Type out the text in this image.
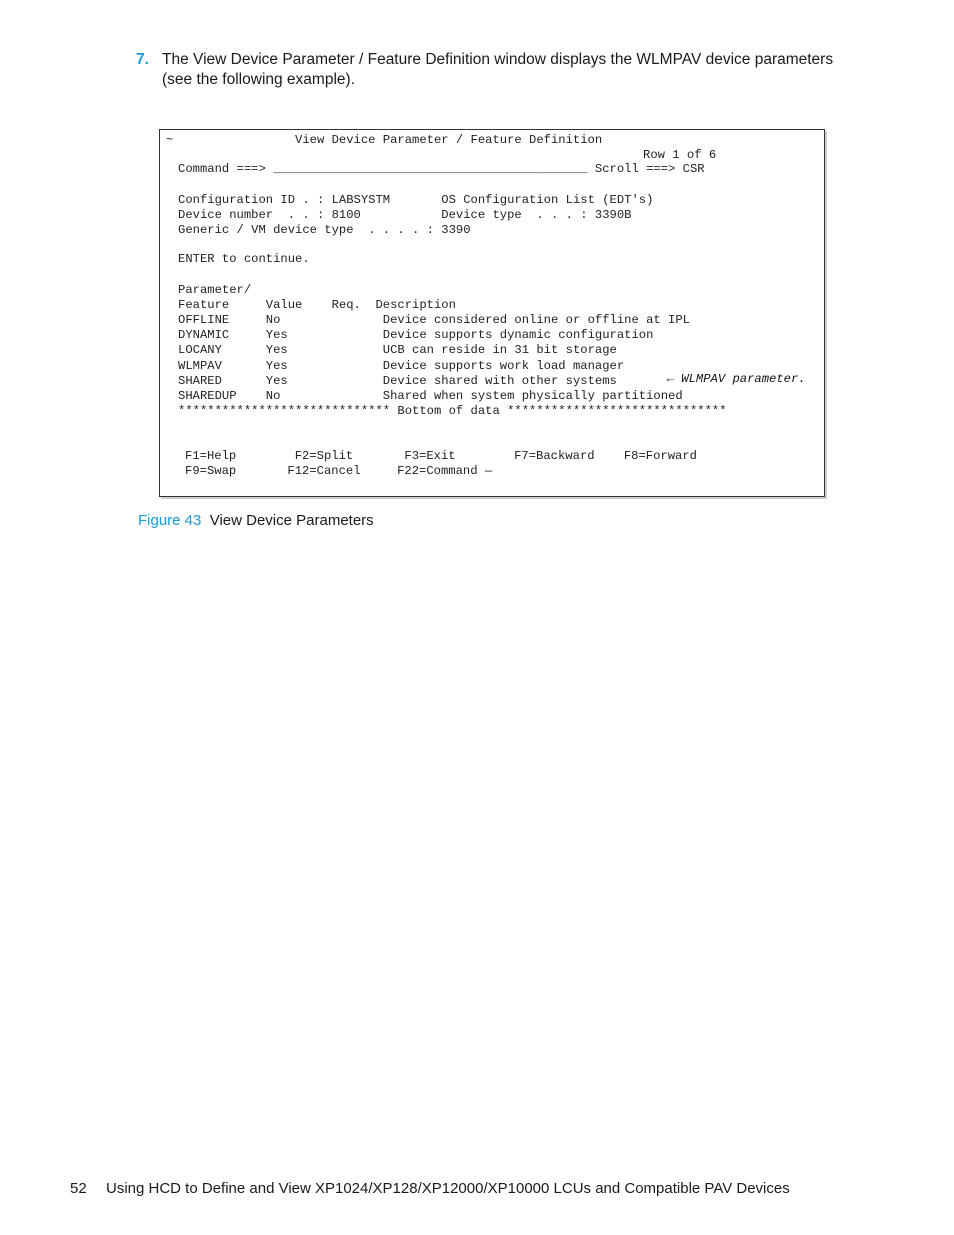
7. The View Device Parameter / Feature Definition window displays the WLMPAV device parameters (see the following example).
~	View Device Parameter / Feature Definition
Row 1 of 6
Command ===> ___________________________________________ Scroll ===> CSR
Configuration ID . : LABSYSTM       OS Configuration List (EDT's)
Device number  . . : 8100           Device type  . . . : 3390B
Generic / VM device type  . . . . : 3390
ENTER to continue.
Parameter/
Feature     Value    Req.  Description
OFFLINE     No              Device considered online or offline at IPL
DYNAMIC     Yes             Device supports dynamic configuration
LOCANY      Yes             UCB can reside in 31 bit storage
WLMPAV      Yes             Device supports work load manager
SHARED      Yes             Device shared with other systems
SHAREDUP    No              Shared when system physically partitioned
***************************** Bottom of data ******************************
F1=Help        F2=Split       F3=Exit        F7=Backward    F8=Forward
F9=Swap       F12=Cancel     F22=Command —

← WLMPAV parameter.

Figure 43 View Device Parameters
52 Using HCD to Define and View XP1024/XP128/XP12000/XP10000 LCUs and Compatible PAV Devices
